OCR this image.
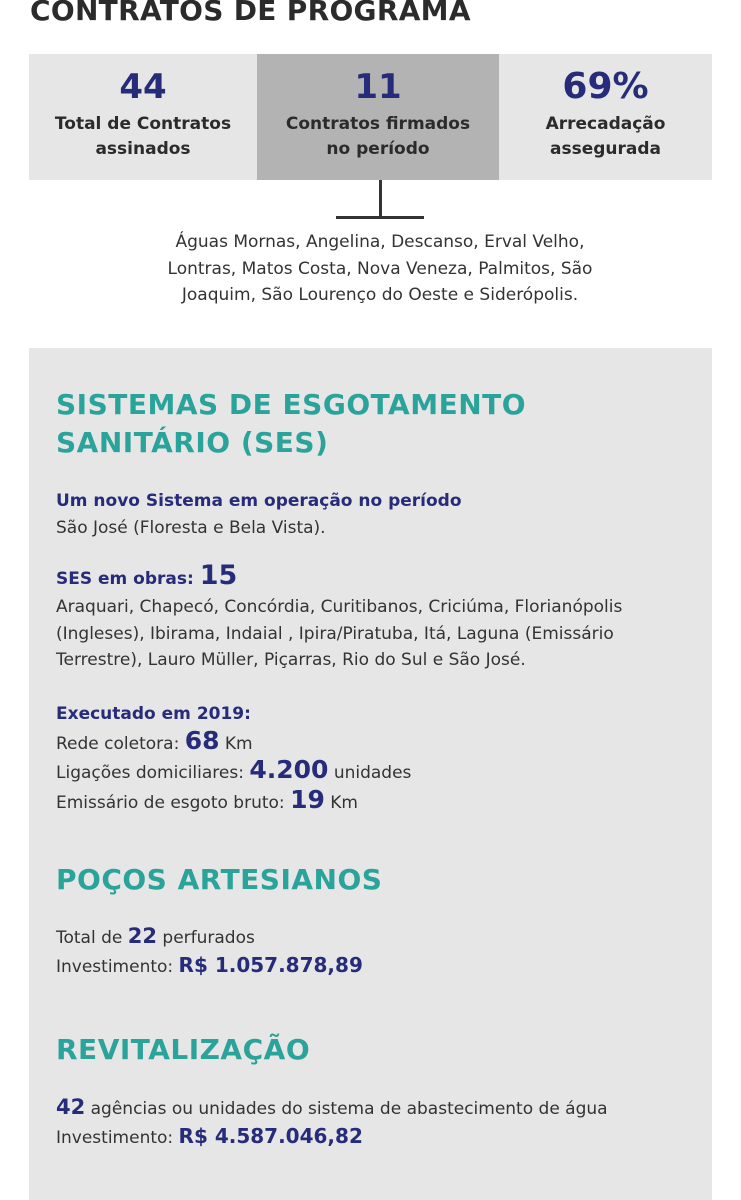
CONTRATOS DE PROGRAMA
44
Total de Contratos
assinados
11
Contratos firmados
no período
69%
Arrecadação
assegurada
Águas Mornas, Angelina, Descanso, Erval Velho,
Lontras, Matos Costa, Nova Veneza, Palmitos, São
Joaquim, São Lourenço do Oeste e Siderópolis.
SISTEMAS DE ESGOTAMENTO
SANITÁRIO (SES)
Um novo Sistema em operação no período
São José (Floresta e Bela Vista).
SES em obras: 15
Araquari, Chapecó, Concórdia, Curitibanos, Criciúma, Florianópolis
(Ingleses), Ibirama, Indaial , Ipira/Piratuba, Itá, Laguna (Emissário
Terrestre), Lauro Müller, Piçarras, Rio do Sul e São José.
Executado em 2019:
Rede coletora: 68 Km
Ligações domiciliares: 4.200 unidades
Emissário de esgoto bruto: 19 Km
POÇOS ARTESIANOS
Total de 22 perfurados
Investimento: R$ 1.057.878,89
REVITALIZAÇÃO
42 agências ou unidades do sistema de abastecimento de água
Investimento: R$ 4.587.046,82
